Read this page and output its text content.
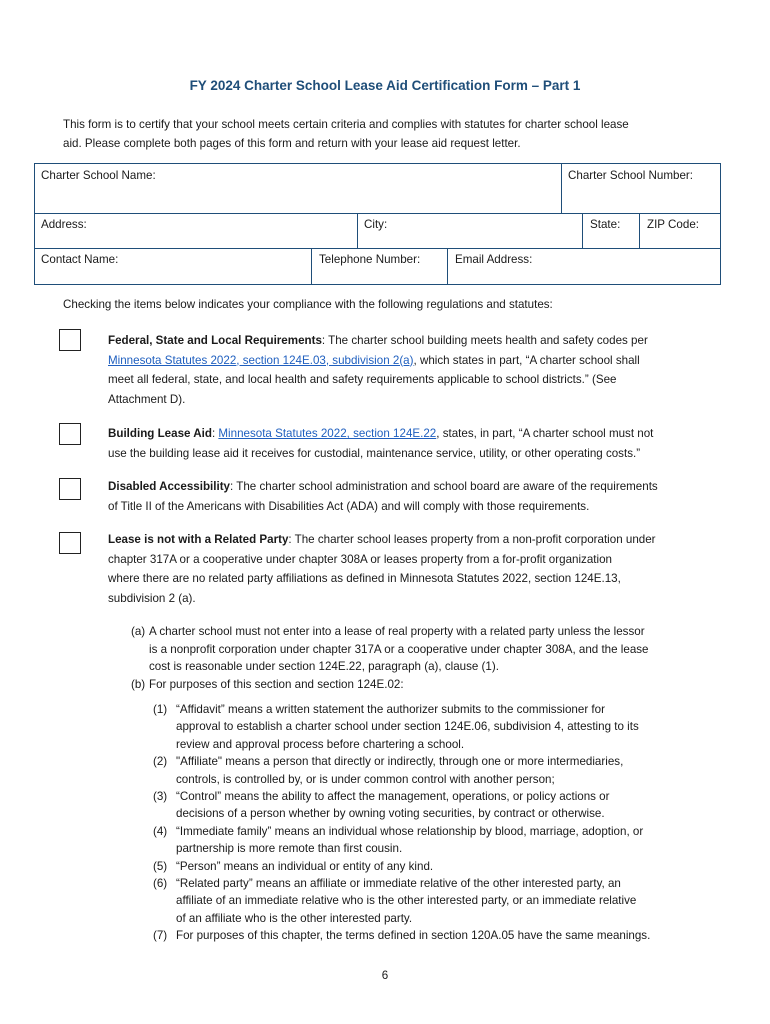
FY 2024 Charter School Lease Aid Certification Form – Part 1
This form is to certify that your school meets certain criteria and complies with statutes for charter school lease
aid. Please complete both pages of this form and return with your lease aid request letter.
Charter School Name:	Charter School Number:
Address:	City:	State: ZIP Code:
Contact Name:	Telephone Number:	Email Address:
Checking the items below indicates your compliance with the following regulations and statutes:
Federal, State and Local Requirements: The charter school building meets health and safety codes per
Minnesota Statutes 2022, section 124E.03, subdivision 2(a), which states in part, “A charter school shall
meet all federal, state, and local health and safety requirements applicable to school districts.” (See
Attachment D).
Building Lease Aid: Minnesota Statutes 2022, section 124E.22, states, in part, “A charter school must not
use the building lease aid it receives for custodial, maintenance service, utility, or other operating costs.”
Disabled Accessibility: The charter school administration and school board are aware of the requirements
of Title II of the Americans with Disabilities Act (ADA) and will comply with those requirements.
Lease is not with a Related Party: The charter school leases property from a non-profit corporation under
chapter 317A or a cooperative under chapter 308A or leases property from a for-profit organization
where there are no related party affiliations as defined in Minnesota Statutes 2022, section 124E.13,
subdivision 2 (a).
(a) A charter school must not enter into a lease of real property with a related party unless the lessor
is a nonprofit corporation under chapter 317A or a cooperative under chapter 308A, and the lease
cost is reasonable under section 124E.22, paragraph (a), clause (1).
(b) For purposes of this section and section 124E.02:
(1) “Affidavit” means a written statement the authorizer submits to the commissioner for
approval to establish a charter school under section 124E.06, subdivision 4, attesting to its
review and approval process before chartering a school.
(2) "Affiliate" means a person that directly or indirectly, through one or more intermediaries,
controls, is controlled by, or is under common control with another person;
(3) “Control” means the ability to affect the management, operations, or policy actions or
decisions of a person whether by owning voting securities, by contract or otherwise.
(4) “Immediate family” means an individual whose relationship by blood, marriage, adoption, or
partnership is more remote than first cousin.
(5) “Person” means an individual or entity of any kind.
(6) “Related party” means an affiliate or immediate relative of the other interested party, an
affiliate of an immediate relative who is the other interested party, or an immediate relative
of an affiliate who is the other interested party.
(7) For purposes of this chapter, the terms defined in section 120A.05 have the same meanings.
6
